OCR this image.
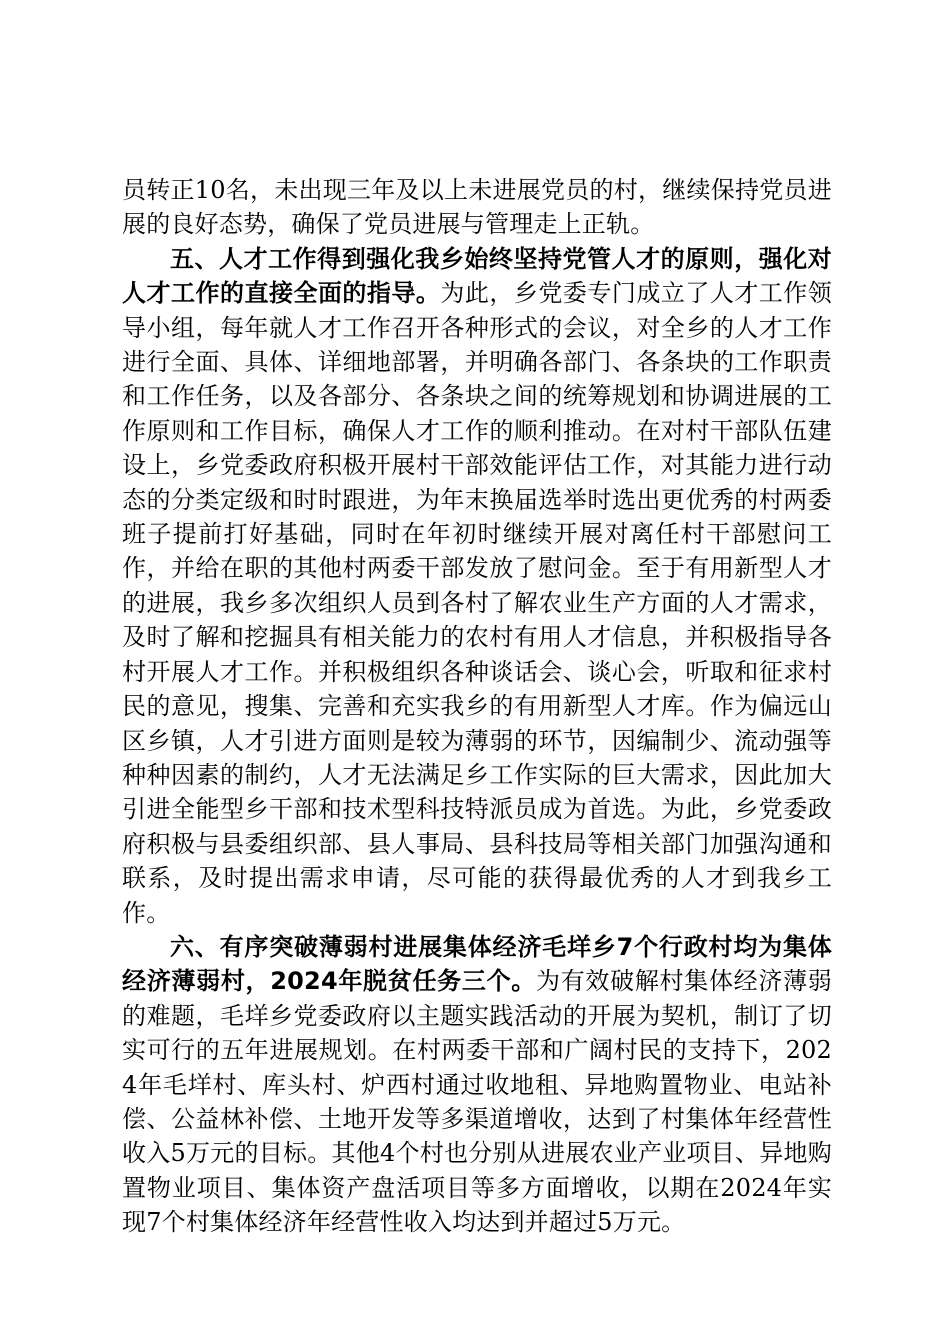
员转正10名，未出现三年及以上未进展党员的村，继续保持党员进展的良好态势，确保了党员进展与管理走上正轨。

五、人才工作得到强化我乡始终坚持党管人才的原则，强化对人才工作的直接全面的指导。为此，乡党委专门成立了人才工作领导小组，每年就人才工作召开各种形式的会议，对全乡的人才工作进行全面、具体、详细地部署，并明确各部门、各条块的工作职责和工作任务，以及各部分、各条块之间的统筹规划和协调进展的工作原则和工作目标，确保人才工作的顺利推动。在对村干部队伍建设上，乡党委政府积极开展村干部效能评估工作，对其能力进行动态的分类定级和时时跟进，为年末换届选举时选出更优秀的村两委班子提前打好基础，同时在年初时继续开展对离任村干部慰问工作，并给在职的其他村两委干部发放了慰问金。至于有用新型人才的进展，我乡多次组织人员到各村了解农业生产方面的人才需求，及时了解和挖掘具有相关能力的农村有用人才信息，并积极指导各村开展人才工作。并积极组织各种谈话会、谈心会，听取和征求村民的意见，搜集、完善和充实我乡的有用新型人才库。作为偏远山区乡镇，人才引进方面则是较为薄弱的环节，因编制少、流动强等种种因素的制约，人才无法满足乡工作实际的巨大需求，因此加大引进全能型乡干部和技术型科技特派员成为首选。为此，乡党委政府积极与县委组织部、县人事局、县科技局等相关部门加强沟通和联系，及时提出需求申请，尽可能的获得最优秀的人才到我乡工作。

六、有序突破薄弱村进展集体经济毛垟乡7个行政村均为集体经济薄弱村，2024年脱贫任务三个。为有效破解村集体经济薄弱的难题，毛垟乡党委政府以主题实践活动的开展为契机，制订了切实可行的五年进展规划。在村两委干部和广阔村民的支持下，2024年毛垟村、库头村、炉西村通过收地租、异地购置物业、电站补偿、公益林补偿、土地开发等多渠道增收，达到了村集体年经营性收入5万元的目标。其他4个村也分别从进展农业产业项目、异地购置物业项目、集体资产盘活项目等多方面增收，以期在2024年实现7个村集体经济年经营性收入均达到并超过5万元。
